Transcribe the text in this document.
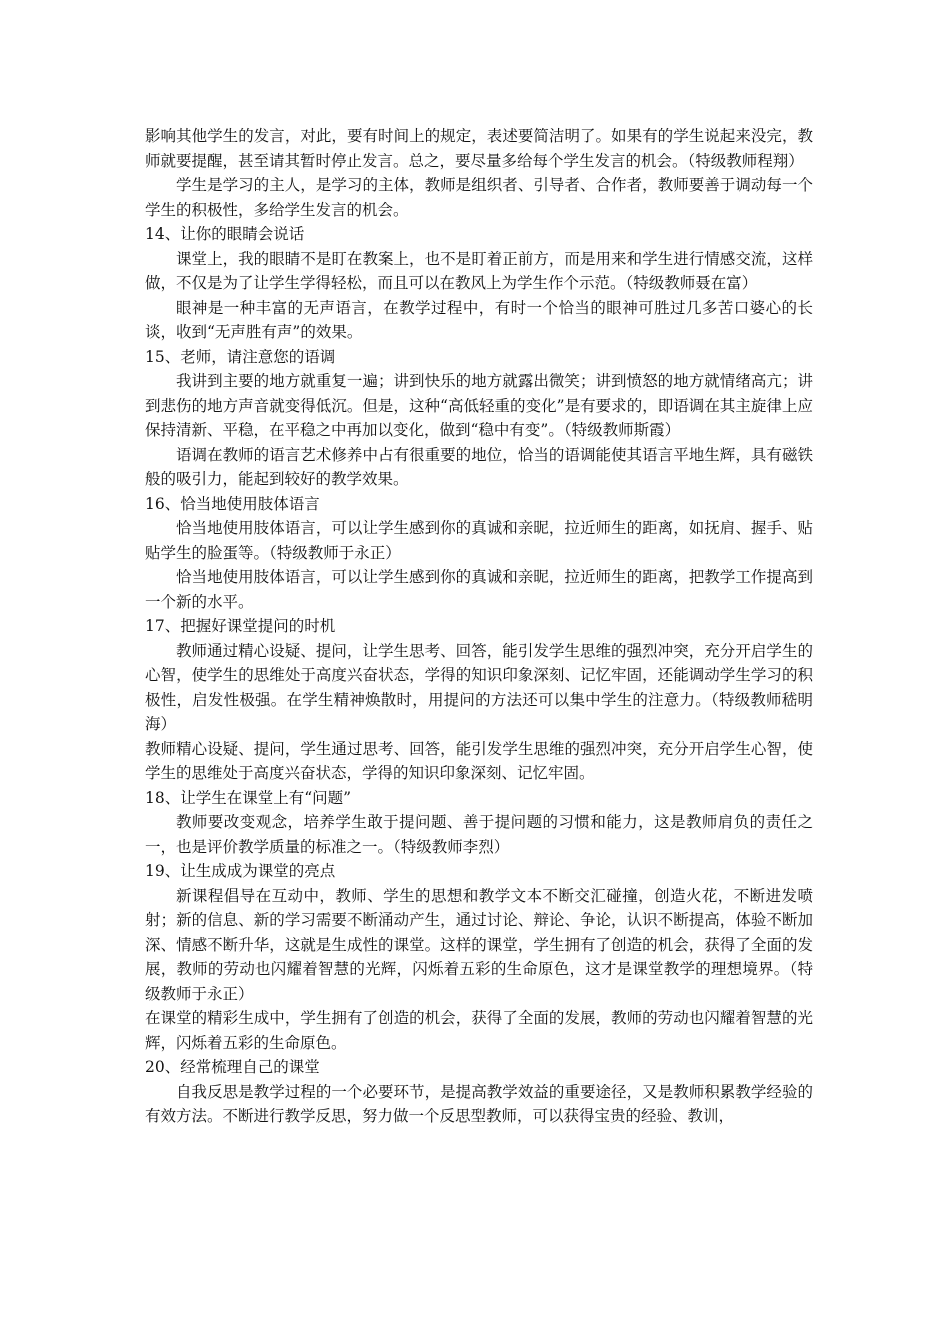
影响其他学生的发言，对此，要有时间上的规定，表述要简洁明了。如果有的学生说起来没完，教师就要提醒，甚至请其暂时停止发言。总之，要尽量多给每个学生发言的机会。（特级教师程翔）

学生是学习的主人，是学习的主体，教师是组织者、引导者、合作者，教师要善于调动每一个学生的积极性，多给学生发言的机会。

14、让你的眼睛会说话

课堂上，我的眼睛不是盯在教案上，也不是盯着正前方，而是用来和学生进行情感交流，这样做，不仅是为了让学生学得轻松，而且可以在教风上为学生作个示范。（特级教师聂在富）

眼神是一种丰富的无声语言，在教学过程中，有时一个恰当的眼神可胜过几多苦口婆心的长谈，收到“无声胜有声”的效果。

15、老师，请注意您的语调

我讲到主要的地方就重复一遍；讲到快乐的地方就露出微笑；讲到愤怒的地方就情绪高亢；讲到悲伤的地方声音就变得低沉。但是，这种“高低轻重的变化”是有要求的，即语调在其主旋律上应保持清新、平稳，在平稳之中再加以变化，做到“稳中有变”。（特级教师斯霞）

语调在教师的语言艺术修养中占有很重要的地位，恰当的语调能使其语言平地生辉，具有磁铁般的吸引力，能起到较好的教学效果。

16、恰当地使用肢体语言

恰当地使用肢体语言，可以让学生感到你的真诚和亲昵，拉近师生的距离，如抚肩、握手、贴贴学生的脸蛋等。（特级教师于永正）

恰当地使用肢体语言，可以让学生感到你的真诚和亲昵，拉近师生的距离，把教学工作提高到一个新的水平。

17、把握好课堂提问的时机

教师通过精心设疑、提问，让学生思考、回答，能引发学生思维的强烈冲突，充分开启学生的心智，使学生的思维处于高度兴奋状态，学得的知识印象深刻、记忆牢固，还能调动学生学习的积极性，启发性极强。在学生精神焕散时，用提问的方法还可以集中学生的注意力。（特级教师嵇明海）

教师精心设疑、提问，学生通过思考、回答，能引发学生思维的强烈冲突，充分开启学生心智，使学生的思维处于高度兴奋状态，学得的知识印象深刻、记忆牢固。

18、让学生在课堂上有“问题”

教师要改变观念，培养学生敢于提问题、善于提问题的习惯和能力，这是教师肩负的责任之一，也是评价教学质量的标准之一。（特级教师李烈）

19、让生成成为课堂的亮点

新课程倡导在互动中，教师、学生的思想和教学文本不断交汇碰撞，创造火花，不断进发喷射；新的信息、新的学习需要不断涌动产生，通过讨论、辩论、争论，认识不断提高，体验不断加深、情感不断升华，这就是生成性的课堂。这样的课堂，学生拥有了创造的机会，获得了全面的发展，教师的劳动也闪耀着智慧的光辉，闪烁着五彩的生命原色，这才是课堂教学的理想境界。（特级教师于永正）

在课堂的精彩生成中，学生拥有了创造的机会，获得了全面的发展，教师的劳动也闪耀着智慧的光辉，闪烁着五彩的生命原色。

20、经常梳理自己的课堂

自我反思是教学过程的一个必要环节，是提高教学效益的重要途径，又是教师积累教学经验的有效方法。不断进行教学反思，努力做一个反思型教师，可以获得宝贵的经验、教训，
